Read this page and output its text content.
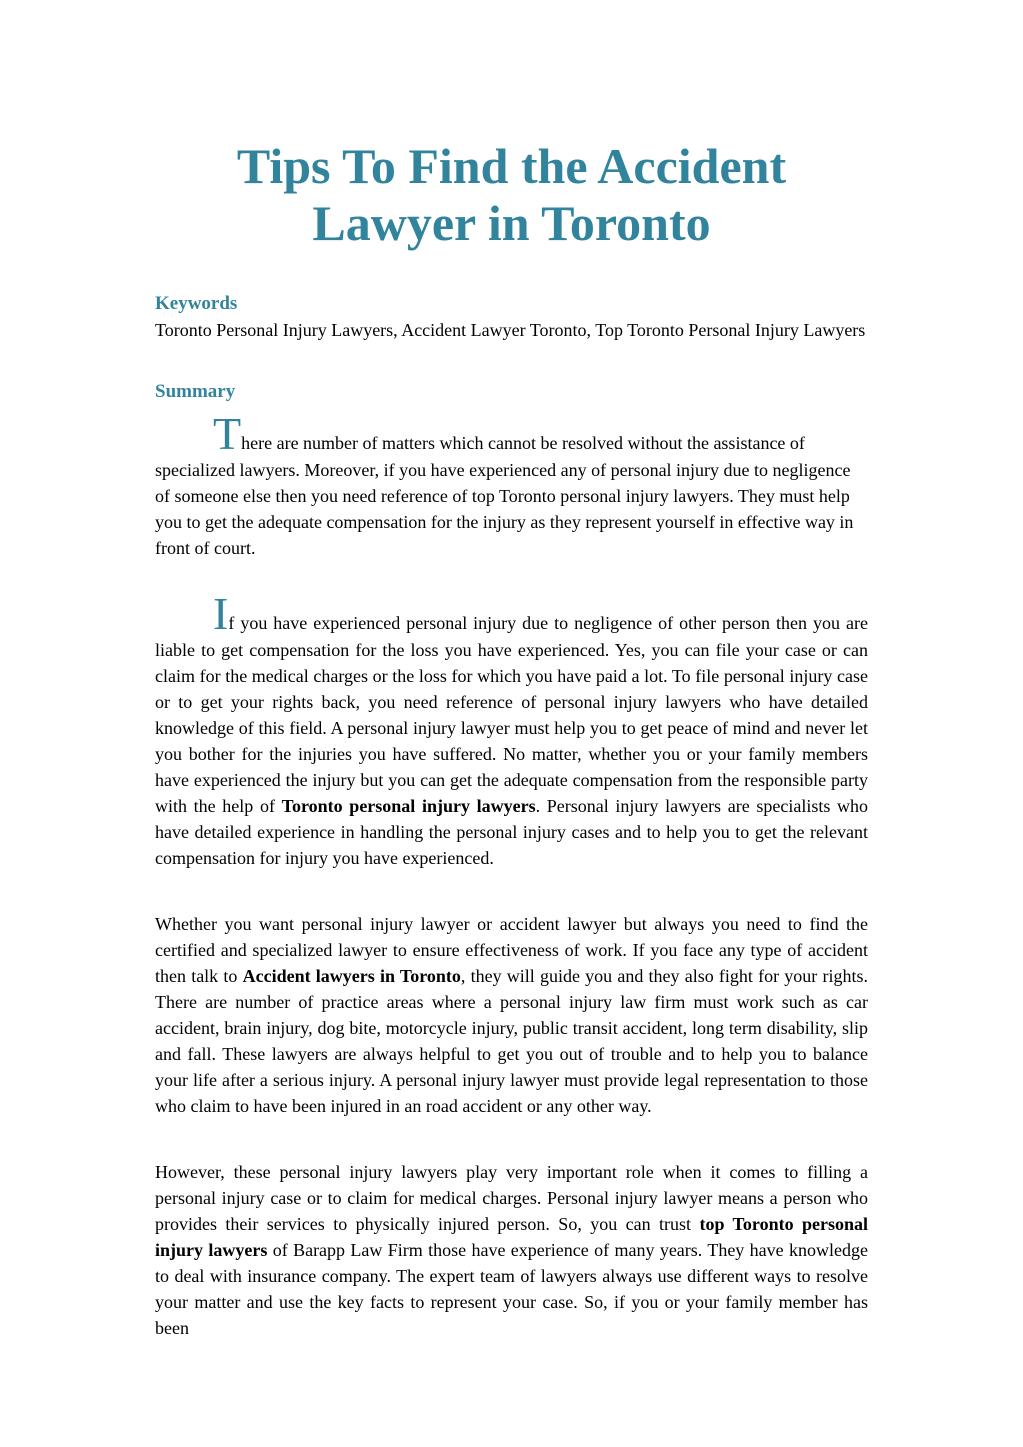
Tips To Find the Accident Lawyer in Toronto
Keywords

Toronto Personal Injury Lawyers, Accident Lawyer Toronto, Top Toronto Personal Injury Lawyers

Summary

There are number of matters which cannot be resolved without the assistance of specialized lawyers. Moreover, if you have experienced any of personal injury due to negligence of someone else then you need reference of top Toronto personal injury lawyers. They must help you to get the adequate compensation for the injury as they represent yourself in effective way in front of court.

If you have experienced personal injury due to negligence of other person then you are liable to get compensation for the loss you have experienced. Yes, you can file your case or can claim for the medical charges or the loss for which you have paid a lot. To file personal injury case or to get your rights back, you need reference of personal injury lawyers who have detailed knowledge of this field. A personal injury lawyer must help you to get peace of mind and never let you bother for the injuries you have suffered. No matter, whether you or your family members have experienced the injury but you can get the adequate compensation from the responsible party with the help of Toronto personal injury lawyers. Personal injury lawyers are specialists who have detailed experience in handling the personal injury cases and to help you to get the relevant compensation for injury you have experienced.

Whether you want personal injury lawyer or accident lawyer but always you need to find the certified and specialized lawyer to ensure effectiveness of work. If you face any type of accident then talk to Accident lawyers in Toronto, they will guide you and they also fight for your rights. There are number of practice areas where a personal injury law firm must work such as car accident, brain injury, dog bite, motorcycle injury, public transit accident, long term disability, slip and fall. These lawyers are always helpful to get you out of trouble and to help you to balance your life after a serious injury. A personal injury lawyer must provide legal representation to those who claim to have been injured in an road accident or any other way.

However, these personal injury lawyers play very important role when it comes to filling a personal injury case or to claim for medical charges. Personal injury lawyer means a person who provides their services to physically injured person. So, you can trust top Toronto personal injury lawyers of Barapp Law Firm those have experience of many years. They have knowledge to deal with insurance company. The expert team of lawyers always use different ways to resolve your matter and use the key facts to represent your case. So, if you or your family member has been
